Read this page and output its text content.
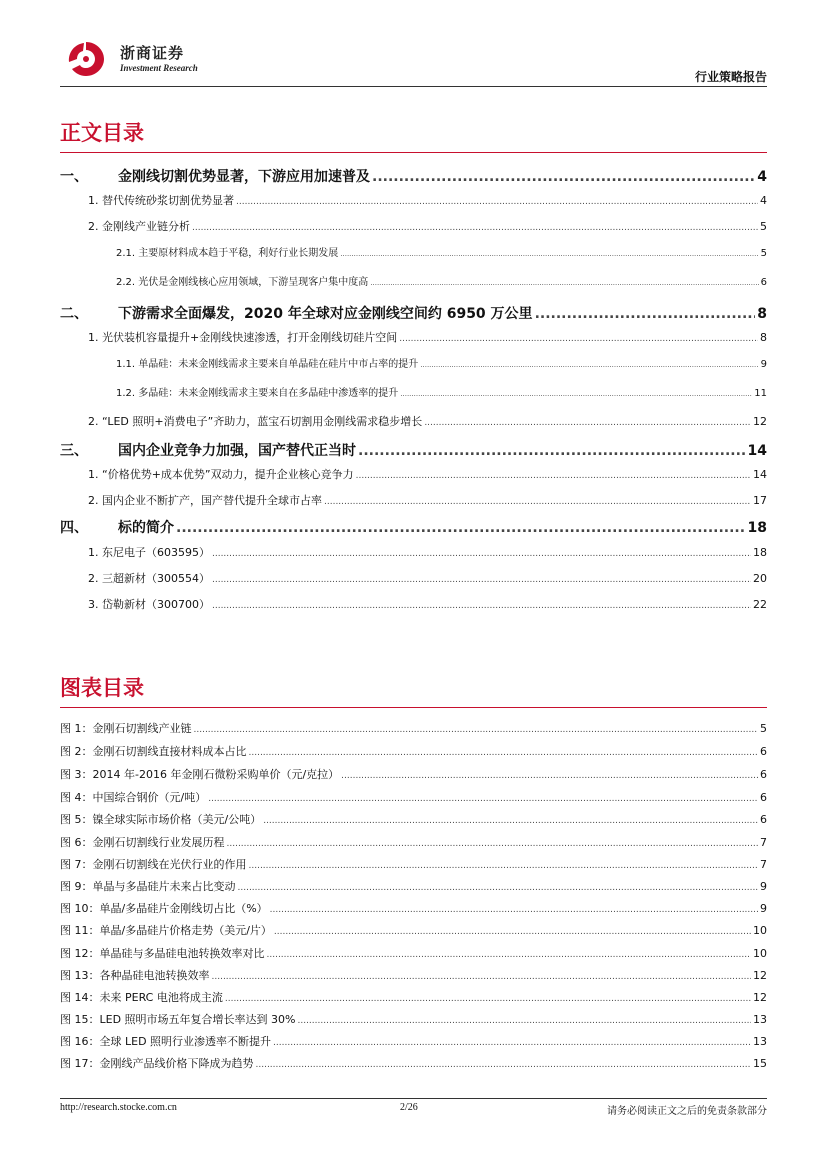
浙商证券
Investment Research
行业策略报告
正文目录
一、 金刚线切割优势显著，下游应用加速普及 .....	4
1. 替代传统砂浆切割优势显著 .....	4
2. 金刚线产业链分析 .....	5
2.1. 主要原材料成本趋于平稳，利好行业长期发展 .....	5
2.2. 光伏是金刚线核心应用领域，下游呈现客户集中度高 .....	6
二、 下游需求全面爆发，2020 年全球对应金刚线空间约 6950 万公里 .....	8
1. 光伏装机容量提升+金刚线快速渗透，打开金刚线切硅片空间 .....	8
1.1. 单晶硅：未来金刚线需求主要来自单晶硅在硅片中市占率的提升 .....	9
1.2. 多晶硅：未来金刚线需求主要来自在多晶硅中渗透率的提升 .....	11
2. “LED 照明+消费电子”齐助力，蓝宝石切割用金刚线需求稳步增长 .....	12
三、 国内企业竞争力加强，国产替代正当时 .....	14
1. “价格优势+成本优势”双动力，提升企业核心竞争力 .....	14
2. 国内企业不断扩产，国产替代提升全球市占率 .....	17
四、 标的简介 .....	18
1. 东尼电子（603595） .....	18
2. 三超新材（300554） .....	20
3. 岱勒新材（300700） .....	22
图表目录
图 1：金刚石切割线产业链 .....	5
图 2：金刚石切割线直接材料成本占比 .....	6
图 3：2014 年-2016 年金刚石微粉采购单价（元/克拉） .....	6
图 4：中国综合钢价（元/吨） .....	6
图 5：镍全球实际市场价格（美元/公吨） .....	6
图 6：金刚石切割线行业发展历程 .....	7
图 7：金刚石切割线在光伏行业的作用 .....	7
图 9：单晶与多晶硅片未来占比变动 .....	9
图 10：单晶/多晶硅片金刚线切占比（%） .....	9
图 11：单晶/多晶硅片价格走势（美元/片） .....	10
图 12：单晶硅与多晶硅电池转换效率对比 .....	10
图 13：各种晶硅电池转换效率 .....	12
图 14：未来 PERC 电池将成主流 .....	12
图 15：LED 照明市场五年复合增长率达到 30% .....	13
图 16：全球 LED 照明行业渗透率不断提升 .....	13
图 17：金刚线产品线价格下降成为趋势 .....	15
http://research.stocke.com.cn	2/26	请务必阅读正文之后的免责条款部分
